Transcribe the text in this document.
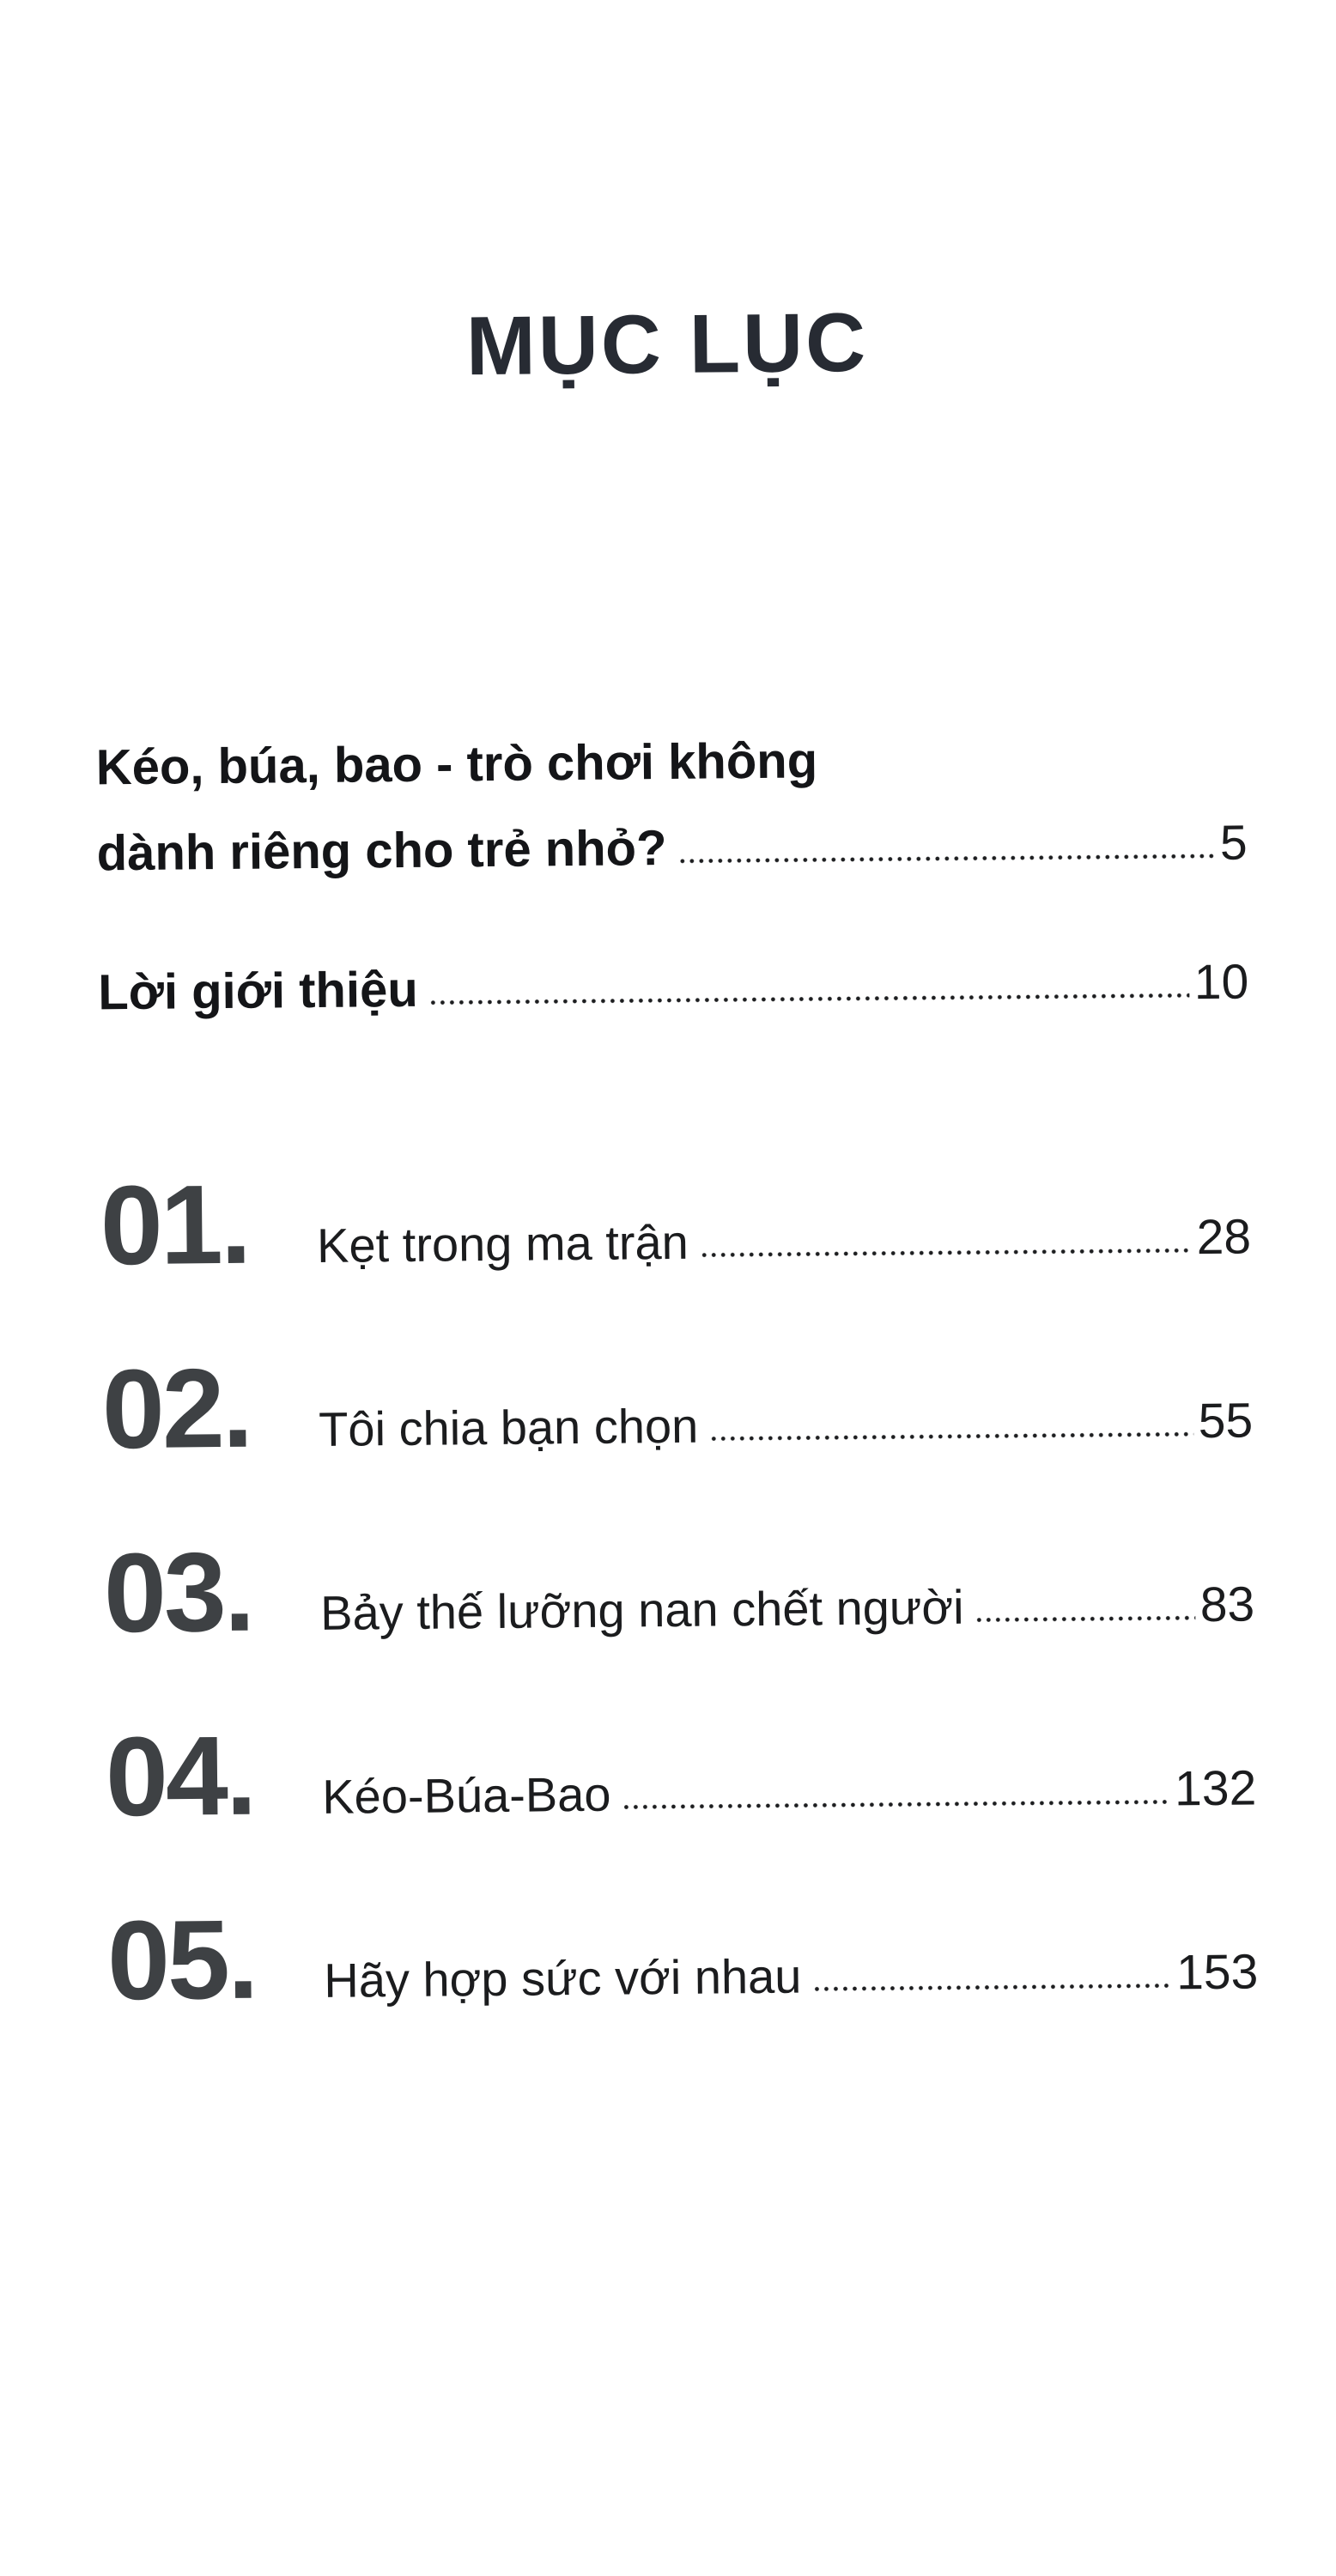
MỤC LỤC
Kéo, búa, bao - trò chơi không
dành riêng cho trẻ nhỏ?	5
Lời giới thiệu	10
01.	Kẹt trong ma trận	28
02.	Tôi chia bạn chọn	55
03.	Bảy thế lưỡng nan chết người	83
04.	Kéo-Búa-Bao	132
05.	Hãy hợp sức với nhau	153
